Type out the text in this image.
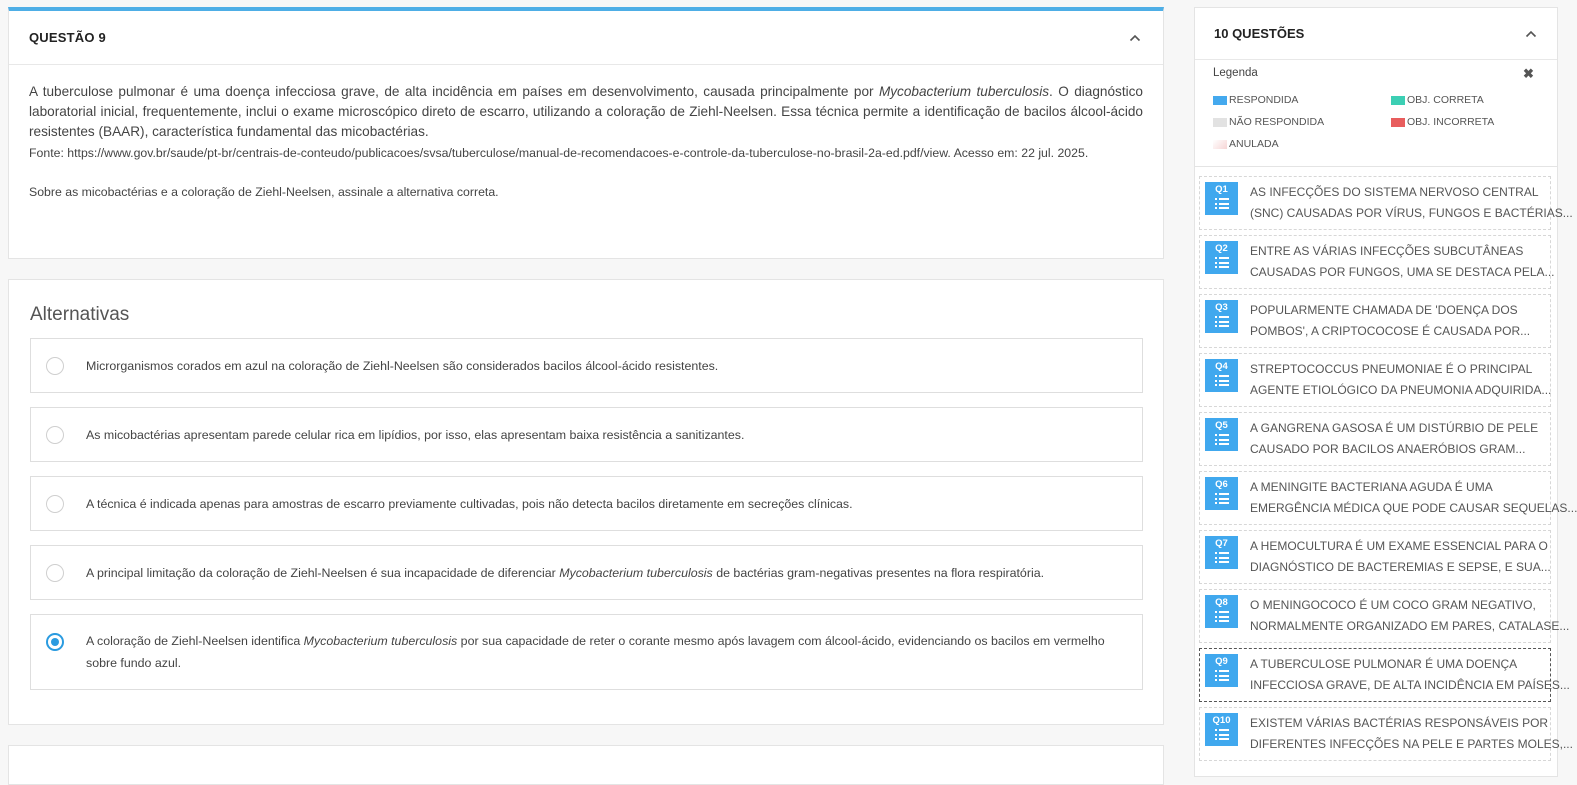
QUESTÃO 9

A tuberculose pulmonar é uma doença infecciosa grave, de alta incidência em países em desenvolvimento, causada principalmente por Mycobacterium tuberculosis. O diagnóstico laboratorial inicial, frequentemente, inclui o exame microscópico direto de escarro, utilizando a coloração de Ziehl-Neelsen. Essa técnica permite a identificação de bacilos álcool-ácido resistentes (BAAR), característica fundamental das micobactérias.

Fonte: https://www.gov.br/saude/pt-br/centrais-de-conteudo/publicacoes/svsa/tuberculose/manual-de-recomendacoes-e-controle-da-tuberculose-no-brasil-2a-ed.pdf/view. Acesso em: 22 jul. 2025.

Sobre as micobactérias e a coloração de Ziehl-Neelsen, assinale a alternativa correta.

Alternativas
Microrganismos corados em azul na coloração de Ziehl-Neelsen são considerados bacilos álcool-ácido resistentes.
As micobactérias apresentam parede celular rica em lipídios, por isso, elas apresentam baixa resistência a sanitizantes.
A técnica é indicada apenas para amostras de escarro previamente cultivadas, pois não detecta bacilos diretamente em secreções clínicas.
A principal limitação da coloração de Ziehl-Neelsen é sua incapacidade de diferenciar Mycobacterium tuberculosis de bactérias gram-negativas presentes na flora respiratória.
A coloração de Ziehl-Neelsen identifica Mycobacterium tuberculosis por sua capacidade de reter o corante mesmo após lavagem com álcool-ácido, evidenciando os bacilos em vermelho sobre fundo azul.
10 QUESTÕES
Legenda	✖
RESPONDIDA	OBJ. CORRETA
NÃO RESPONDIDA	OBJ. INCORRETA
ANULADA
Q1	AS INFECÇÕES DO SISTEMA NERVOSO CENTRAL
(SNC) CAUSADAS POR VÍRUS, FUNGOS E BACTÉRIAS...
Q2	ENTRE AS VÁRIAS INFECÇÕES SUBCUTÂNEAS
CAUSADAS POR FUNGOS, UMA SE DESTACA PELA...
Q3	POPULARMENTE CHAMADA DE 'DOENÇA DOS
POMBOS', A CRIPTOCOCOSE É CAUSADA POR...
Q4	STREPTOCOCCUS PNEUMONIAE É O PRINCIPAL
AGENTE ETIOLÓGICO DA PNEUMONIA ADQUIRIDA...
Q5	A GANGRENA GASOSA É UM DISTÚRBIO DE PELE
CAUSADO POR BACILOS ANAERÓBIOS GRAM...
Q6	A MENINGITE BACTERIANA AGUDA É UMA
EMERGÊNCIA MÉDICA QUE PODE CAUSAR SEQUELAS...
Q7	A HEMOCULTURA É UM EXAME ESSENCIAL PARA O
DIAGNÓSTICO DE BACTEREMIAS E SEPSE, E SUA...
Q8	O MENINGOCOCO É UM COCO GRAM NEGATIVO,
NORMALMENTE ORGANIZADO EM PARES, CATALASE...
Q9	A TUBERCULOSE PULMONAR É UMA DOENÇA
INFECCIOSA GRAVE, DE ALTA INCIDÊNCIA EM PAÍSES...
Q10	EXISTEM VÁRIAS BACTÉRIAS RESPONSÁVEIS POR
DIFERENTES INFECÇÕES NA PELE E PARTES MOLES,...
